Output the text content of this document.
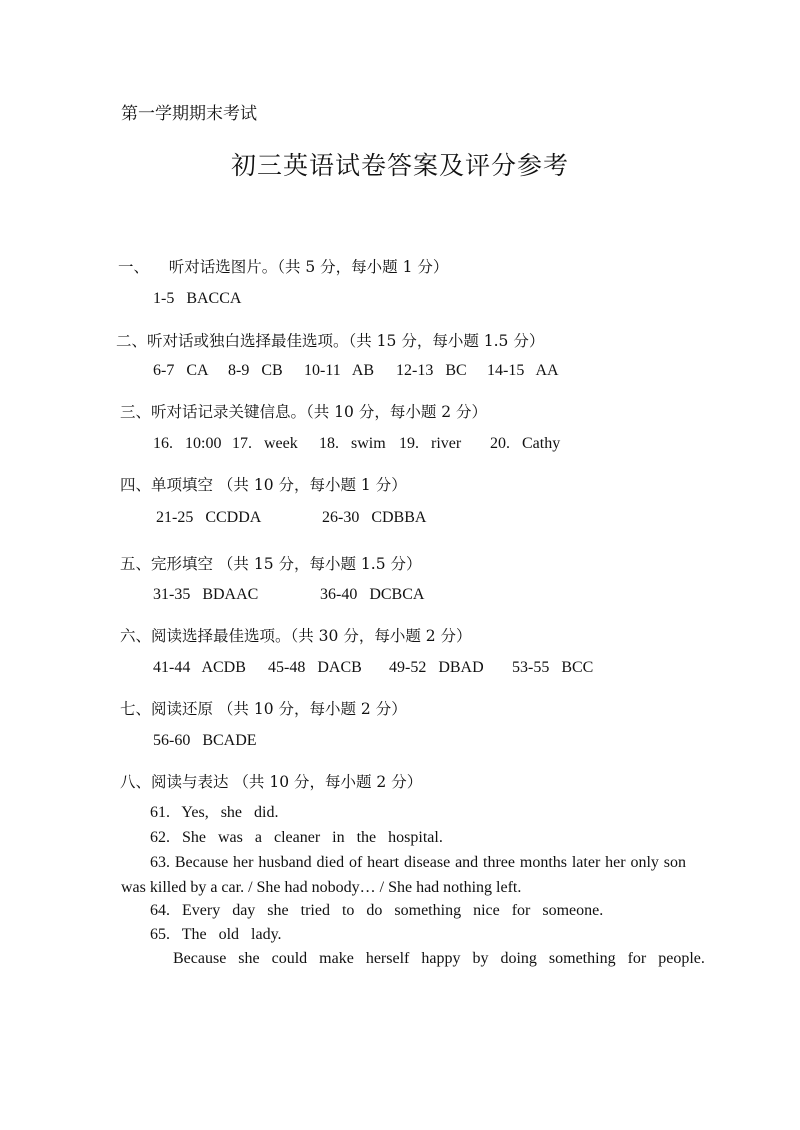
第一学期期末考试
初三英语试卷答案及评分参考
一、    听对话选图片。（共 5 分，每小题 1 分）
1-5  BACCA
二、听对话或独白选择最佳选项。（共 15 分，每小题 1.5 分）
6-7  CA 8-9  CB 10-11  AB 12-13  BC 14-15  AA
三、听对话记录关键信息。（共 10 分，每小题 2 分）
16.  10:00 17.  week 18.  swim 19.  river 20.  Cathy
四、单项填空 （共 10 分，每小题 1 分）
21-25  CCDDA	26-30  CDBBA
五、完形填空 （共 15 分，每小题 1.5 分）
31-35  BDAAC	36-40  DCBCA
六、阅读选择最佳选项。（共 30 分，每小题 2 分）
41-44  ACDB 45-48  DACB 49-52  DBAD 53-55  BCC
七、阅读还原 （共 10 分，每小题 2 分）
56-60  BCADE
八、阅读与表达 （共 10 分，每小题 2 分）
61.  Yes,  she  did.
62.  She  was  a  cleaner  in  the  hospital.
63. Because her husband died of heart disease and three months later her only son was killed by a car. / She had nobody… / She had nothing left.
64.  Every  day  she  tried  to  do  something  nice  for  someone.
65.  The  old  lady.
Because  she  could  make  herself  happy  by  doing  something  for  people.
